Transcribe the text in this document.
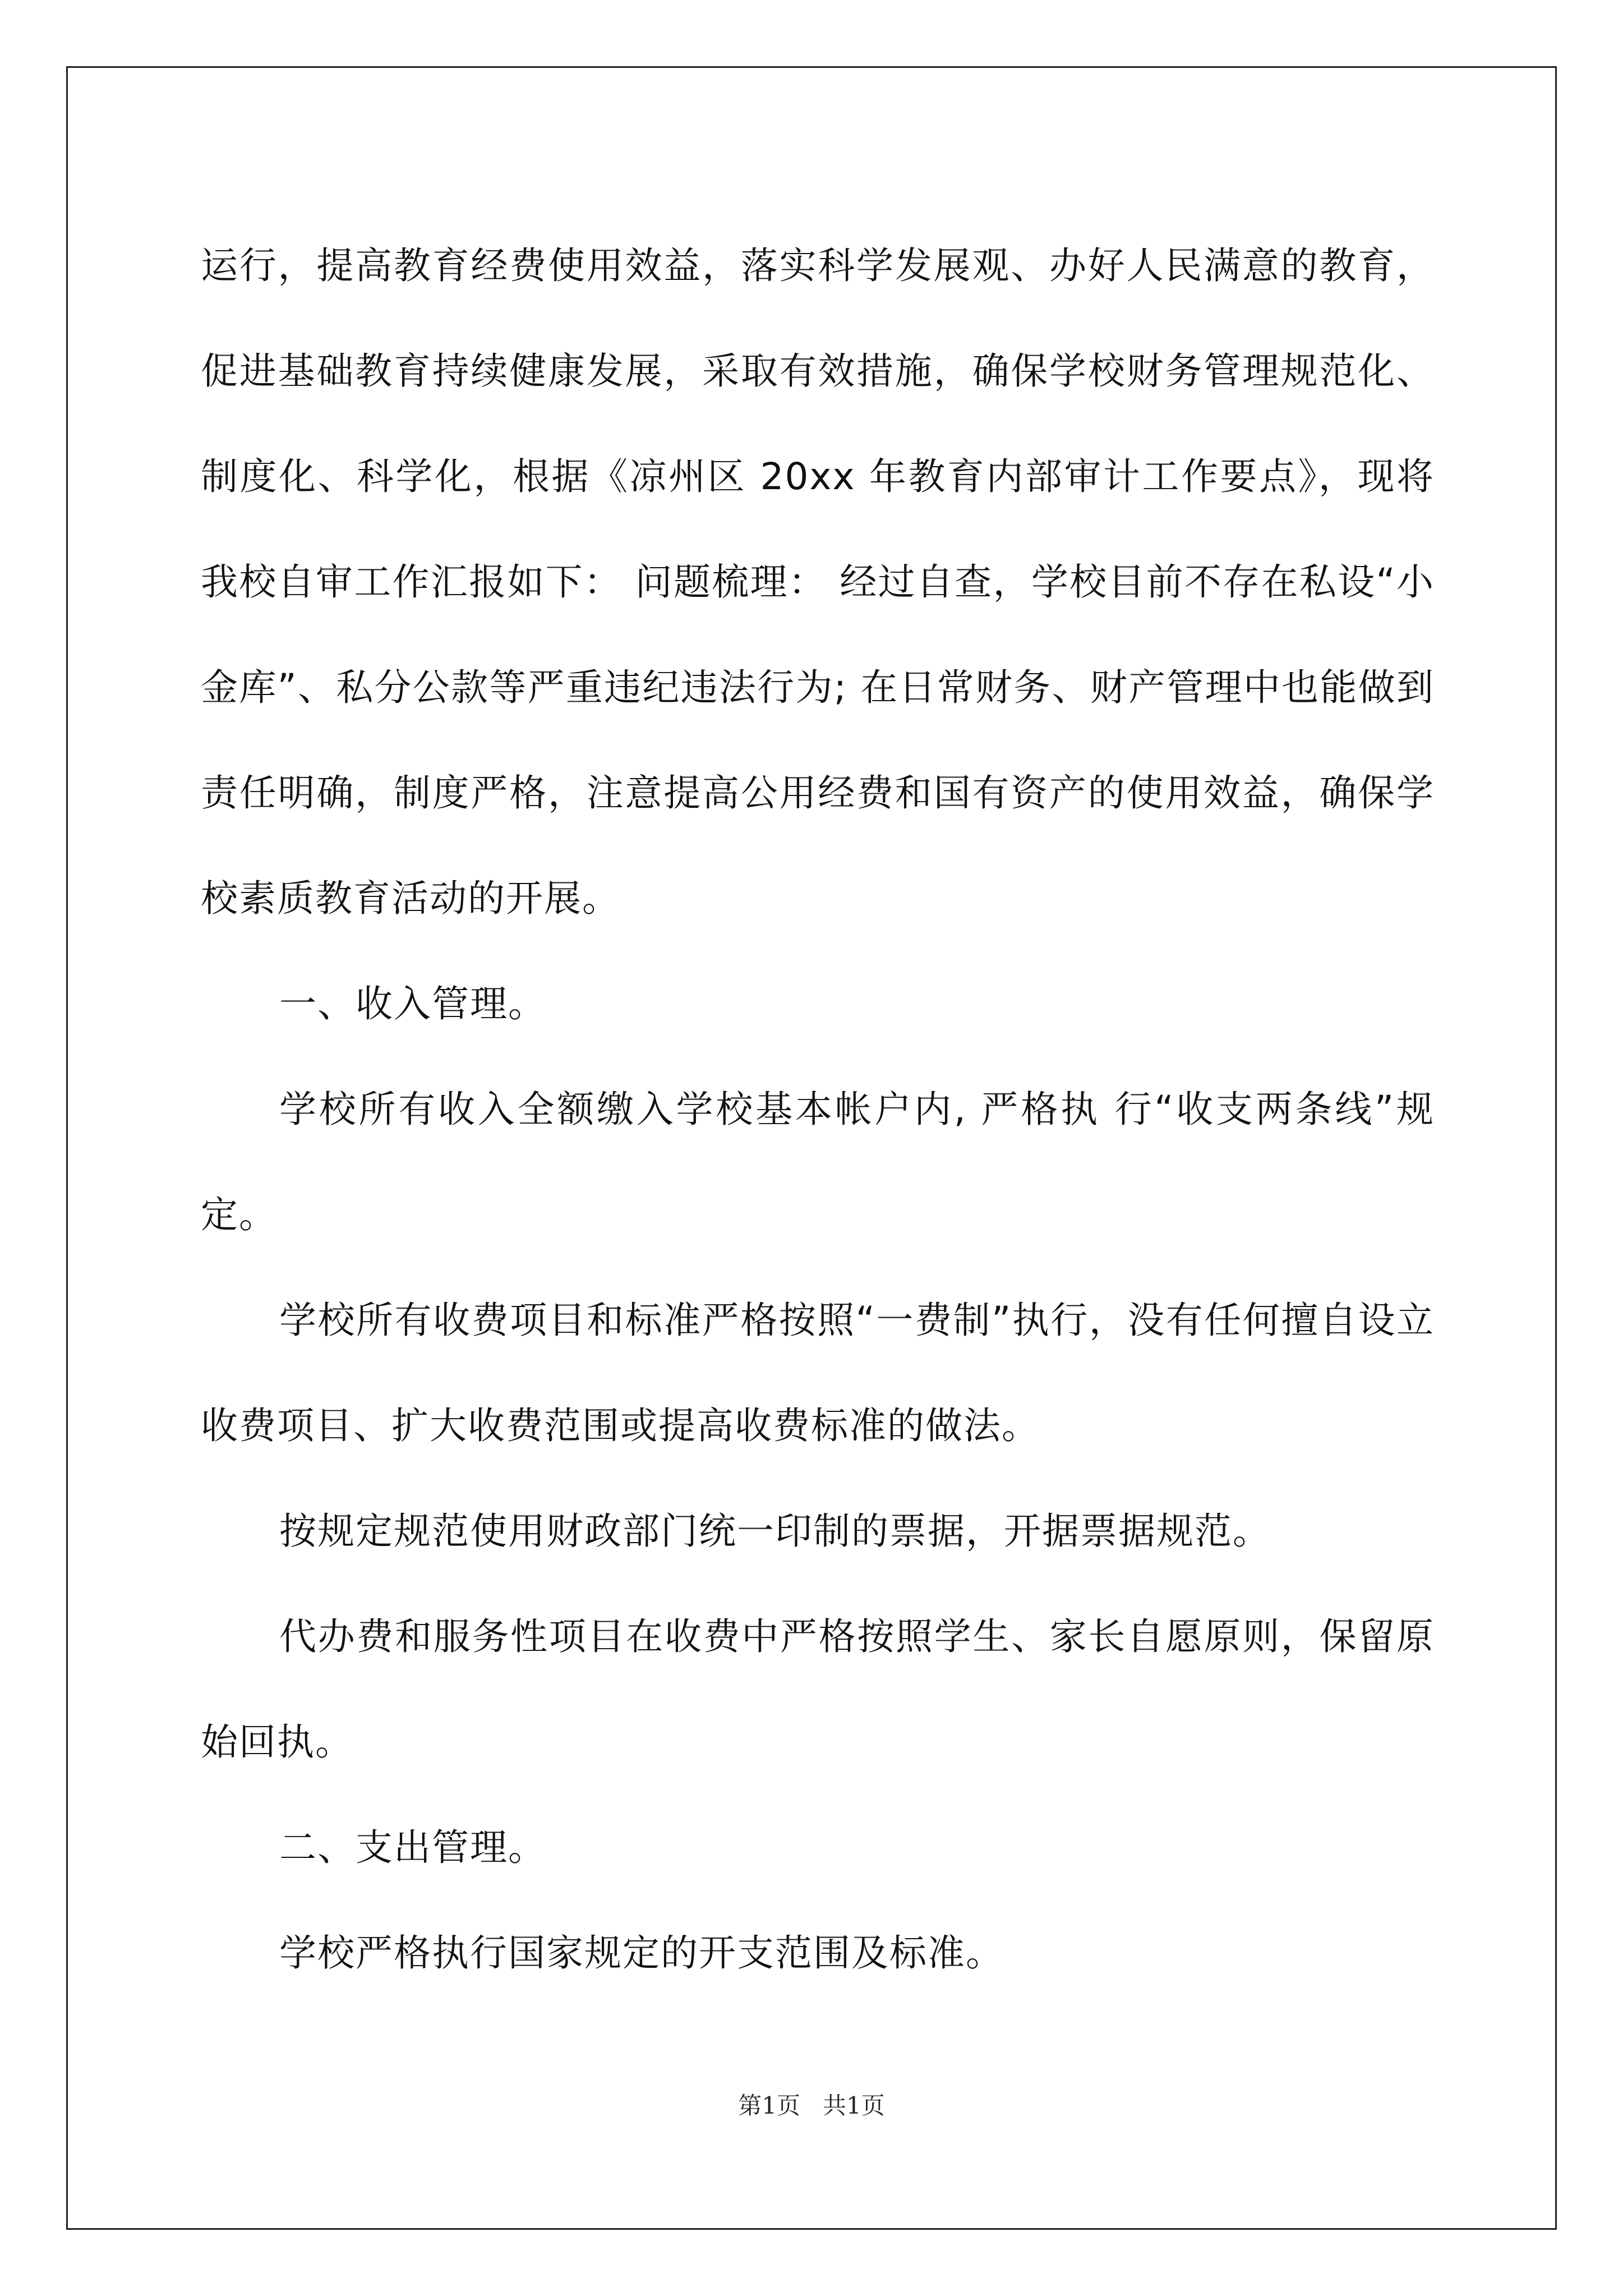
运行，提高教育经费使用效益，落实科学发展观、办好人民满意的教育，促进基础教育持续健康发展，采取有效措施，确保学校财务管理规范化、制度化、科学化，根据《凉州区 20xx 年教育内部审计工作要点》，现将我校自审工作汇报如下： 问题梳理： 经过自查，学校目前不存在私设“小金库”、私分公款等严重违纪违法行为; 在日常财务、财产管理中也能做到责任明确，制度严格，注意提高公用经费和国有资产的使用效益，确保学校素质教育活动的开展。

一、收入管理。

学校所有收入全额缴入学校基本帐户内, 严格执 行“收支两条线”规定。

学校所有收费项目和标准严格按照“一费制”执行，没有任何擅自设立收费项目、扩大收费范围或提高收费标准的做法。

按规定规范使用财政部门统一印制的票据，开据票据规范。

代办费和服务性项目在收费中严格按照学生、家长自愿原则，保留原始回执。

二、支出管理。

学校严格执行国家规定的开支范围及标准。

第1页 共1页
